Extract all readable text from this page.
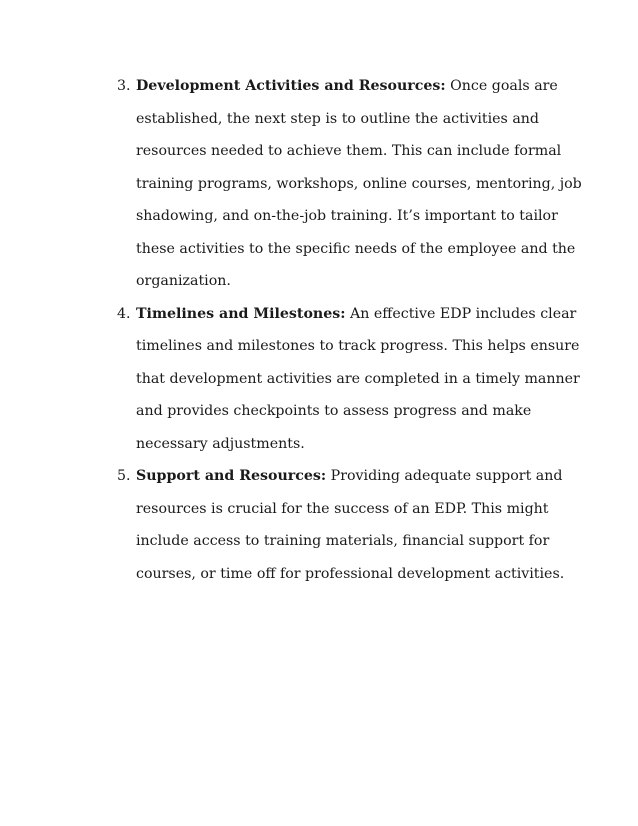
3. Development Activities and Resources: Once goals are established, the next step is to outline the activities and resources needed to achieve them. This can include formal training programs, workshops, online courses, mentoring, job shadowing, and on-the-job training. It’s important to tailor these activities to the specific needs of the employee and the organization.
4. Timelines and Milestones: An effective EDP includes clear timelines and milestones to track progress. This helps ensure that development activities are completed in a timely manner and provides checkpoints to assess progress and make necessary adjustments.
5. Support and Resources: Providing adequate support and resources is crucial for the success of an EDP. This might include access to training materials, financial support for courses, or time off for professional development activities.
